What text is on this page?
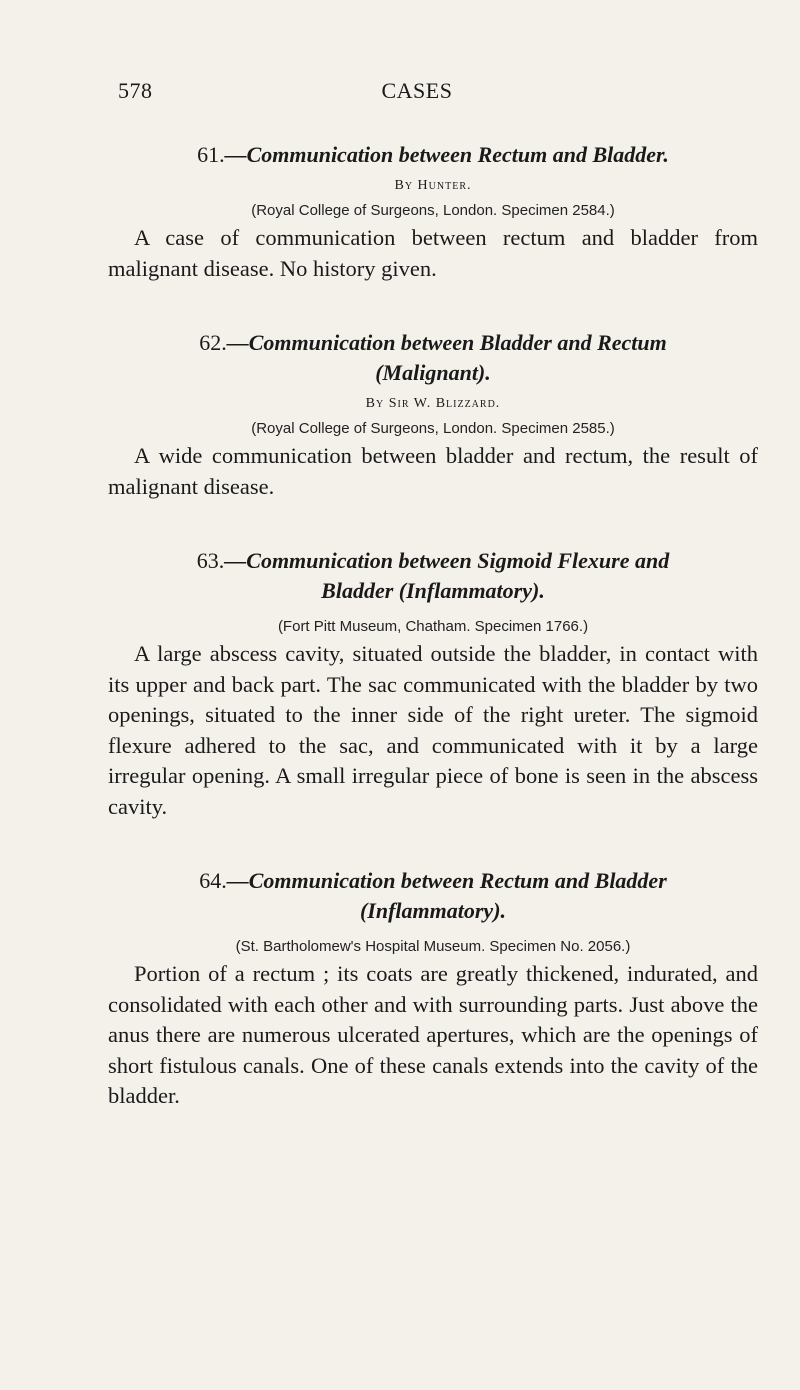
578	CASES

61.—Communication between Rectum and Bladder.

By Hunter.

(Royal College of Surgeons, London. Specimen 2584.)

A case of communication between rectum and bladder from malignant disease. No history given.

62.—Communication between Bladder and Rectum
(Malignant).

By Sir W. Blizzard.

(Royal College of Surgeons, London. Specimen 2585.)

A wide communication between bladder and rectum, the result of malignant disease.

63.—Communication between Sigmoid Flexure and
Bladder (Inflammatory).

(Fort Pitt Museum, Chatham. Specimen 1766.)

A large abscess cavity, situated outside the bladder, in contact with its upper and back part. The sac communicated with the bladder by two openings, situated to the inner side of the right ureter. The sigmoid flexure adhered to the sac, and communicated with it by a large irregular opening. A small irregular piece of bone is seen in the abscess cavity.

64.—Communication between Rectum and Bladder
(Inflammatory).

(St. Bartholomew's Hospital Museum. Specimen No. 2056.)

Portion of a rectum ; its coats are greatly thickened, indurated, and consolidated with each other and with surrounding parts. Just above the anus there are numerous ulcerated apertures, which are the openings of short fistulous canals. One of these canals extends into the cavity of the bladder.
